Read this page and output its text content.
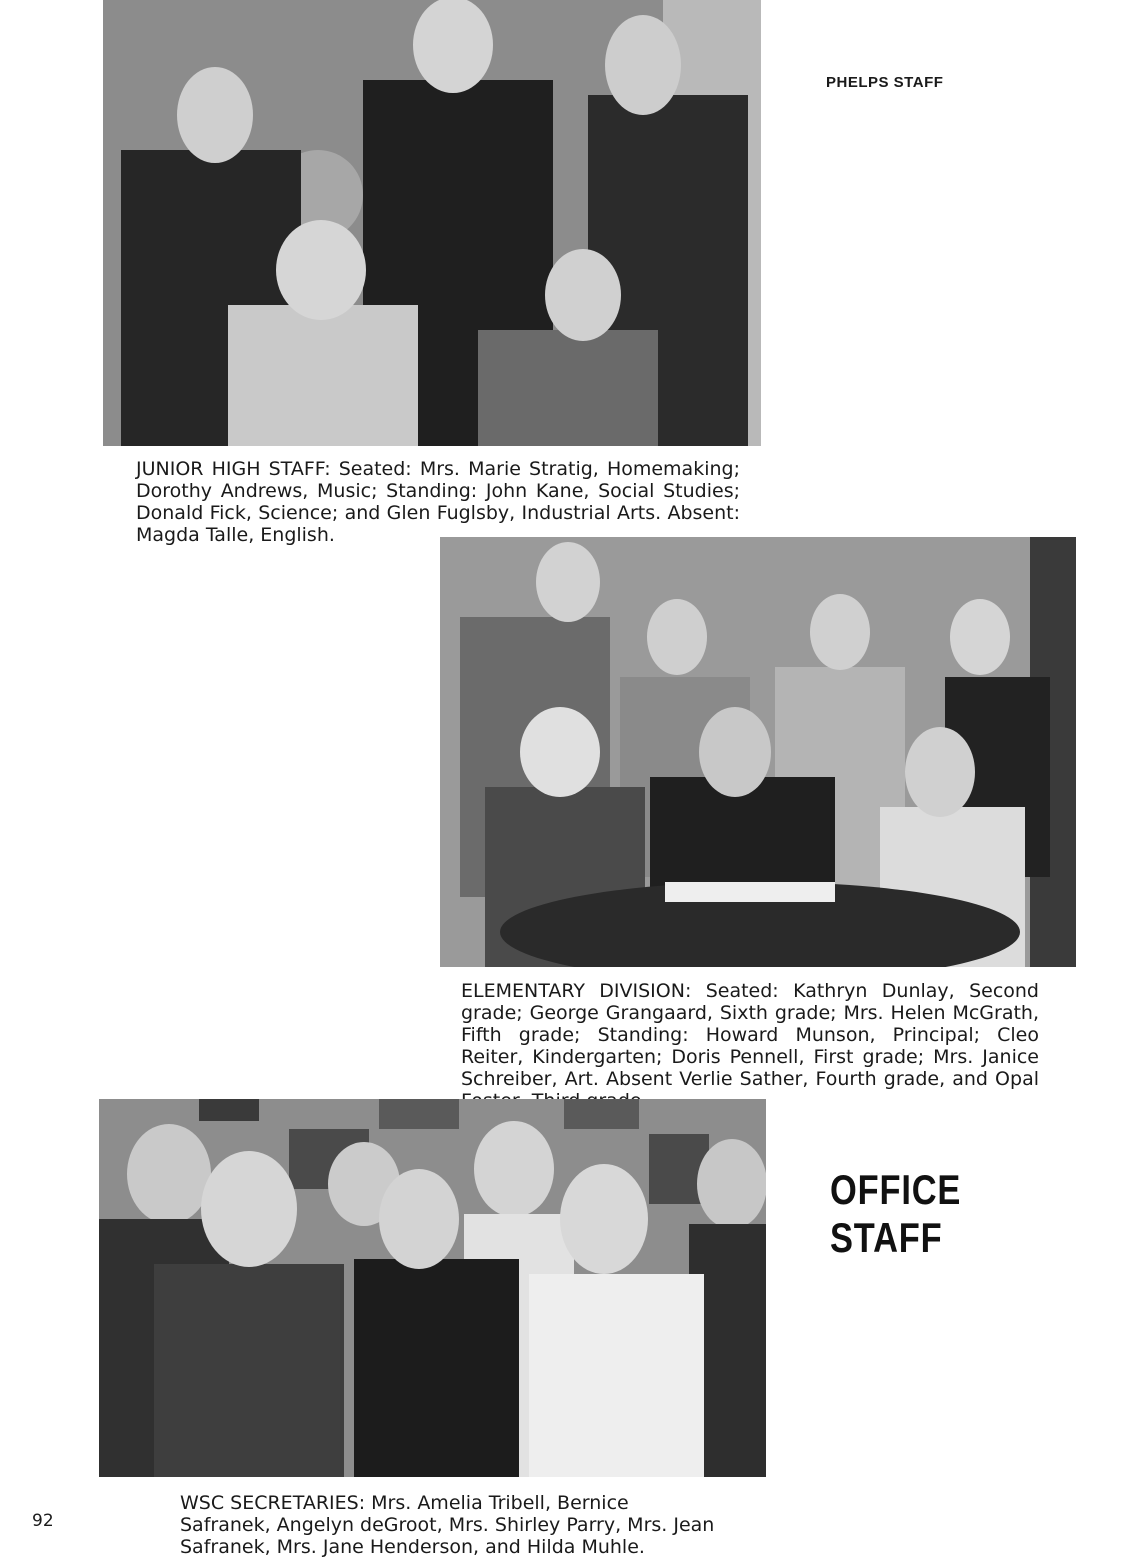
PHELPS STAFF

JUNIOR HIGH STAFF: Seated: Mrs. Marie Stratig, Homemaking; Dorothy Andrews, Music; Standing: John Kane, Social Studies; Donald Fick, Science; and Glen Fuglsby, Industrial Arts. Absent: Magda Talle, English.

ELEMENTARY DIVISION: Seated: Kathryn Dunlay, Second grade; George Grangaard, Sixth grade; Mrs. Helen McGrath, Fifth grade; Standing: Howard Munson, Principal; Cleo Reiter, Kindergarten; Doris Pennell, First grade; Mrs. Janice Schreiber, Art. Absent Verlie Sather, Fourth grade, and Opal

OFFICE STAFF

WSC SECRETARIES: Mrs. Amelia Tribell, Bernice Safranek, Angelyn deGroot, Mrs. Shirley Parry, Mrs. Jean Safranek, Mrs. Jane Henderson, and Hilda Muhle.

92
